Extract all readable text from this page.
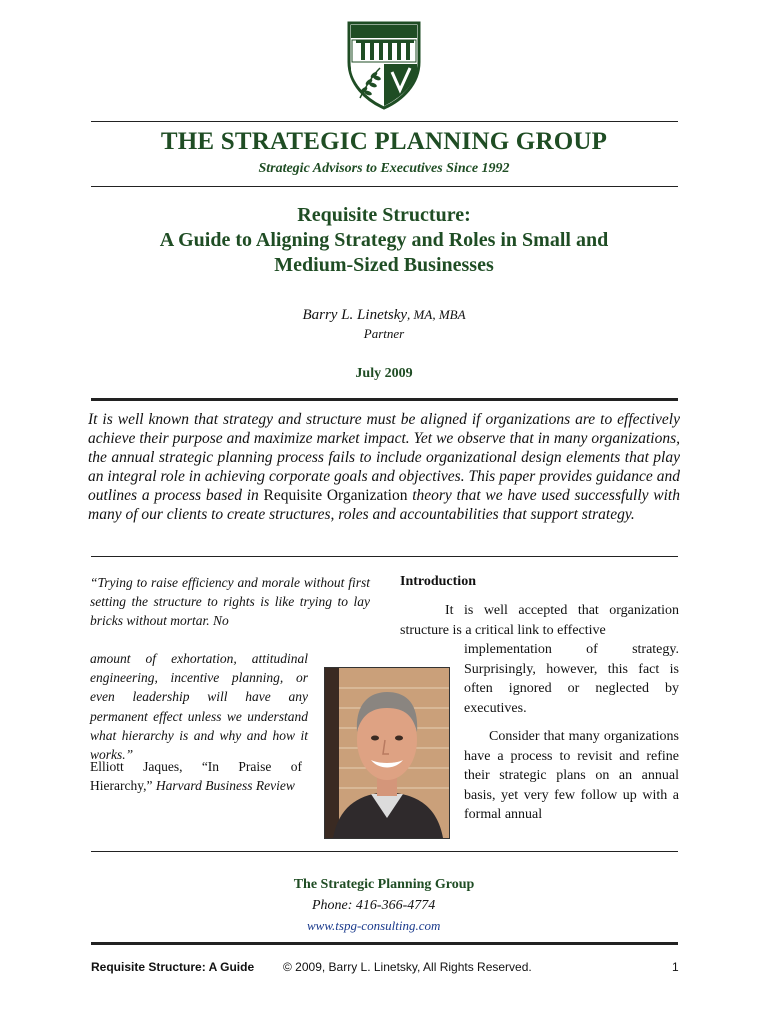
THE STRATEGIC PLANNING GROUP
Strategic Advisors to Executives Since 1992
Requisite Structure:
A Guide to Aligning Strategy and Roles in Small and
Medium-Sized Businesses
Barry L. Linetsky, MA, MBA
Partner
July 2009
It is well known that strategy and structure must be aligned if organizations are to effectively achieve their purpose and maximize market impact. Yet we observe that in many organizations, the annual strategic planning process fails to include organizational design elements that play an integral role in achieving corporate goals and objectives. This paper provides guidance and outlines a process based in Requisite Organization theory that we have used successfully with many of our clients to create structures, roles and accountabilities that support strategy.
“Trying to raise efficiency and morale without first setting the structure to rights is like trying to lay bricks without mortar. No
amount of exhortation, attitudinal engineering, incentive planning, or even leadership will have any permanent effect unless we understand what hierarchy is and why and how it works.”
Elliott Jaques, “In Praise of Hierarchy,” Harvard Business Review
Introduction
It is well accepted that organization structure is a critical link to effective
implementation of strategy. Surprisingly, however, this fact is often ignored or neglected by executives.
Consider that many organizations have a process to revisit and refine their strategic plans on an annual basis, yet very few follow up with a formal annual
The Strategic Planning Group
Phone: 416-366-4774
www.tspg-consulting.com
Requisite Structure: A Guide © 2009, Barry L. Linetsky, All Rights Reserved.	1
